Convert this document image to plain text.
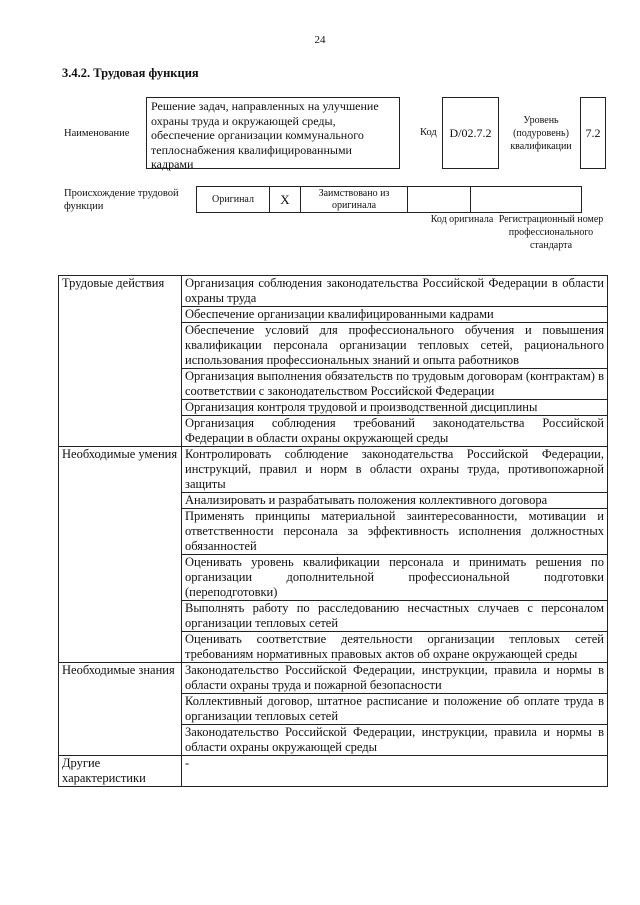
24
3.4.2. Трудовая функция
Наименование
Решение задач, направленных на улучшение охраны труда и окружающей среды, обеспечение организации коммунального теплоснабжения квалифицированными кадрами
Код	D/02.7.2
Уровень (подуровень) квалификации
7.2
Происхождение трудовой функции
Оригинал	X	Заимствовано из оригинала		
Код оригинала Регистрационный номер профессионального стандарта
Трудовые действия	Организация соблюдения законодательства Российской Федерации в области охраны труда
	Обеспечение организации квалифицированными кадрами
	Обеспечение условий для профессионального обучения и повышения квалификации персонала организации тепловых сетей, рационального использования профессиональных знаний и опыта работников
	Организация выполнения обязательств по трудовым договорам (контрактам) в соответствии с законодательством Российской Федерации
	Организация контроля трудовой и производственной дисциплины
	Организация соблюдения требований законодательства Российской Федерации в области охраны окружающей среды
Необходимые умения	Контролировать соблюдение законодательства Российской Федерации, инструкций, правил и норм в области охраны труда, противопожарной защиты
	Анализировать и разрабатывать положения коллективного договора
	Применять принципы материальной заинтересованности, мотивации и ответственности персонала за эффективность исполнения должностных обязанностей
	Оценивать уровень квалификации персонала и принимать решения по организации дополнительной профессиональной подготовки (переподготовки)
	Выполнять работу по расследованию несчастных случаев с персоналом организации тепловых сетей
	Оценивать соответствие деятельности организации тепловых сетей требованиям нормативных правовых актов об охране окружающей среды
Необходимые знания	Законодательство Российской Федерации, инструкции, правила и нормы в области охраны труда и пожарной безопасности
	Коллективный договор, штатное расписание и положение об оплате труда в организации тепловых сетей
	Законодательство Российской Федерации, инструкции, правила и нормы в области охраны окружающей среды
Другие характеристики	-
